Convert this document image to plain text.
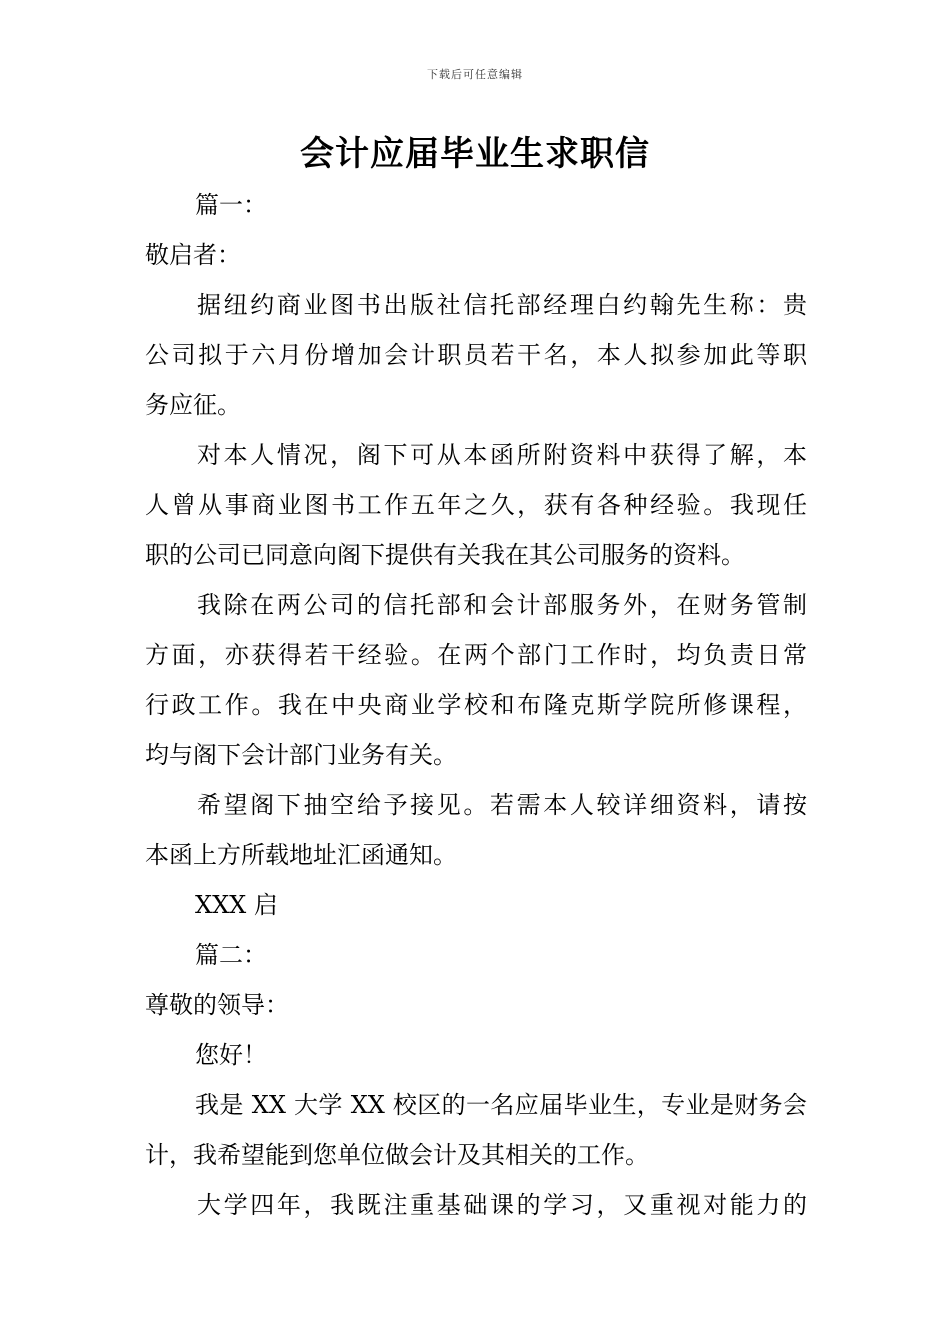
下载后可任意编辑
会计应届毕业生求职信
篇一：
敬启者：
据纽约商业图书出版社信托部经理白约翰先生称：贵
公司拟于六月份增加会计职员若干名，本人拟参加此等职
务应征。
对本人情况，阁下可从本函所附资料中获得了解，本
人曾从事商业图书工作五年之久，获有各种经验。我现任
职的公司已同意向阁下提供有关我在其公司服务的资料。
我除在两公司的信托部和会计部服务外，在财务管制
方面，亦获得若干经验。在两个部门工作时，均负责日常
行政工作。我在中央商业学校和布隆克斯学院所修课程，
均与阁下会计部门业务有关。
希望阁下抽空给予接见。若需本人较详细资料，请按
本函上方所载地址汇函通知。
XXX 启
篇二：
尊敬的领导：
您好！
我是 XX 大学 XX 校区的一名应届毕业生，专业是财务会
计，我希望能到您单位做会计及其相关的工作。
大学四年，我既注重基础课的学习，又重视对能力的
